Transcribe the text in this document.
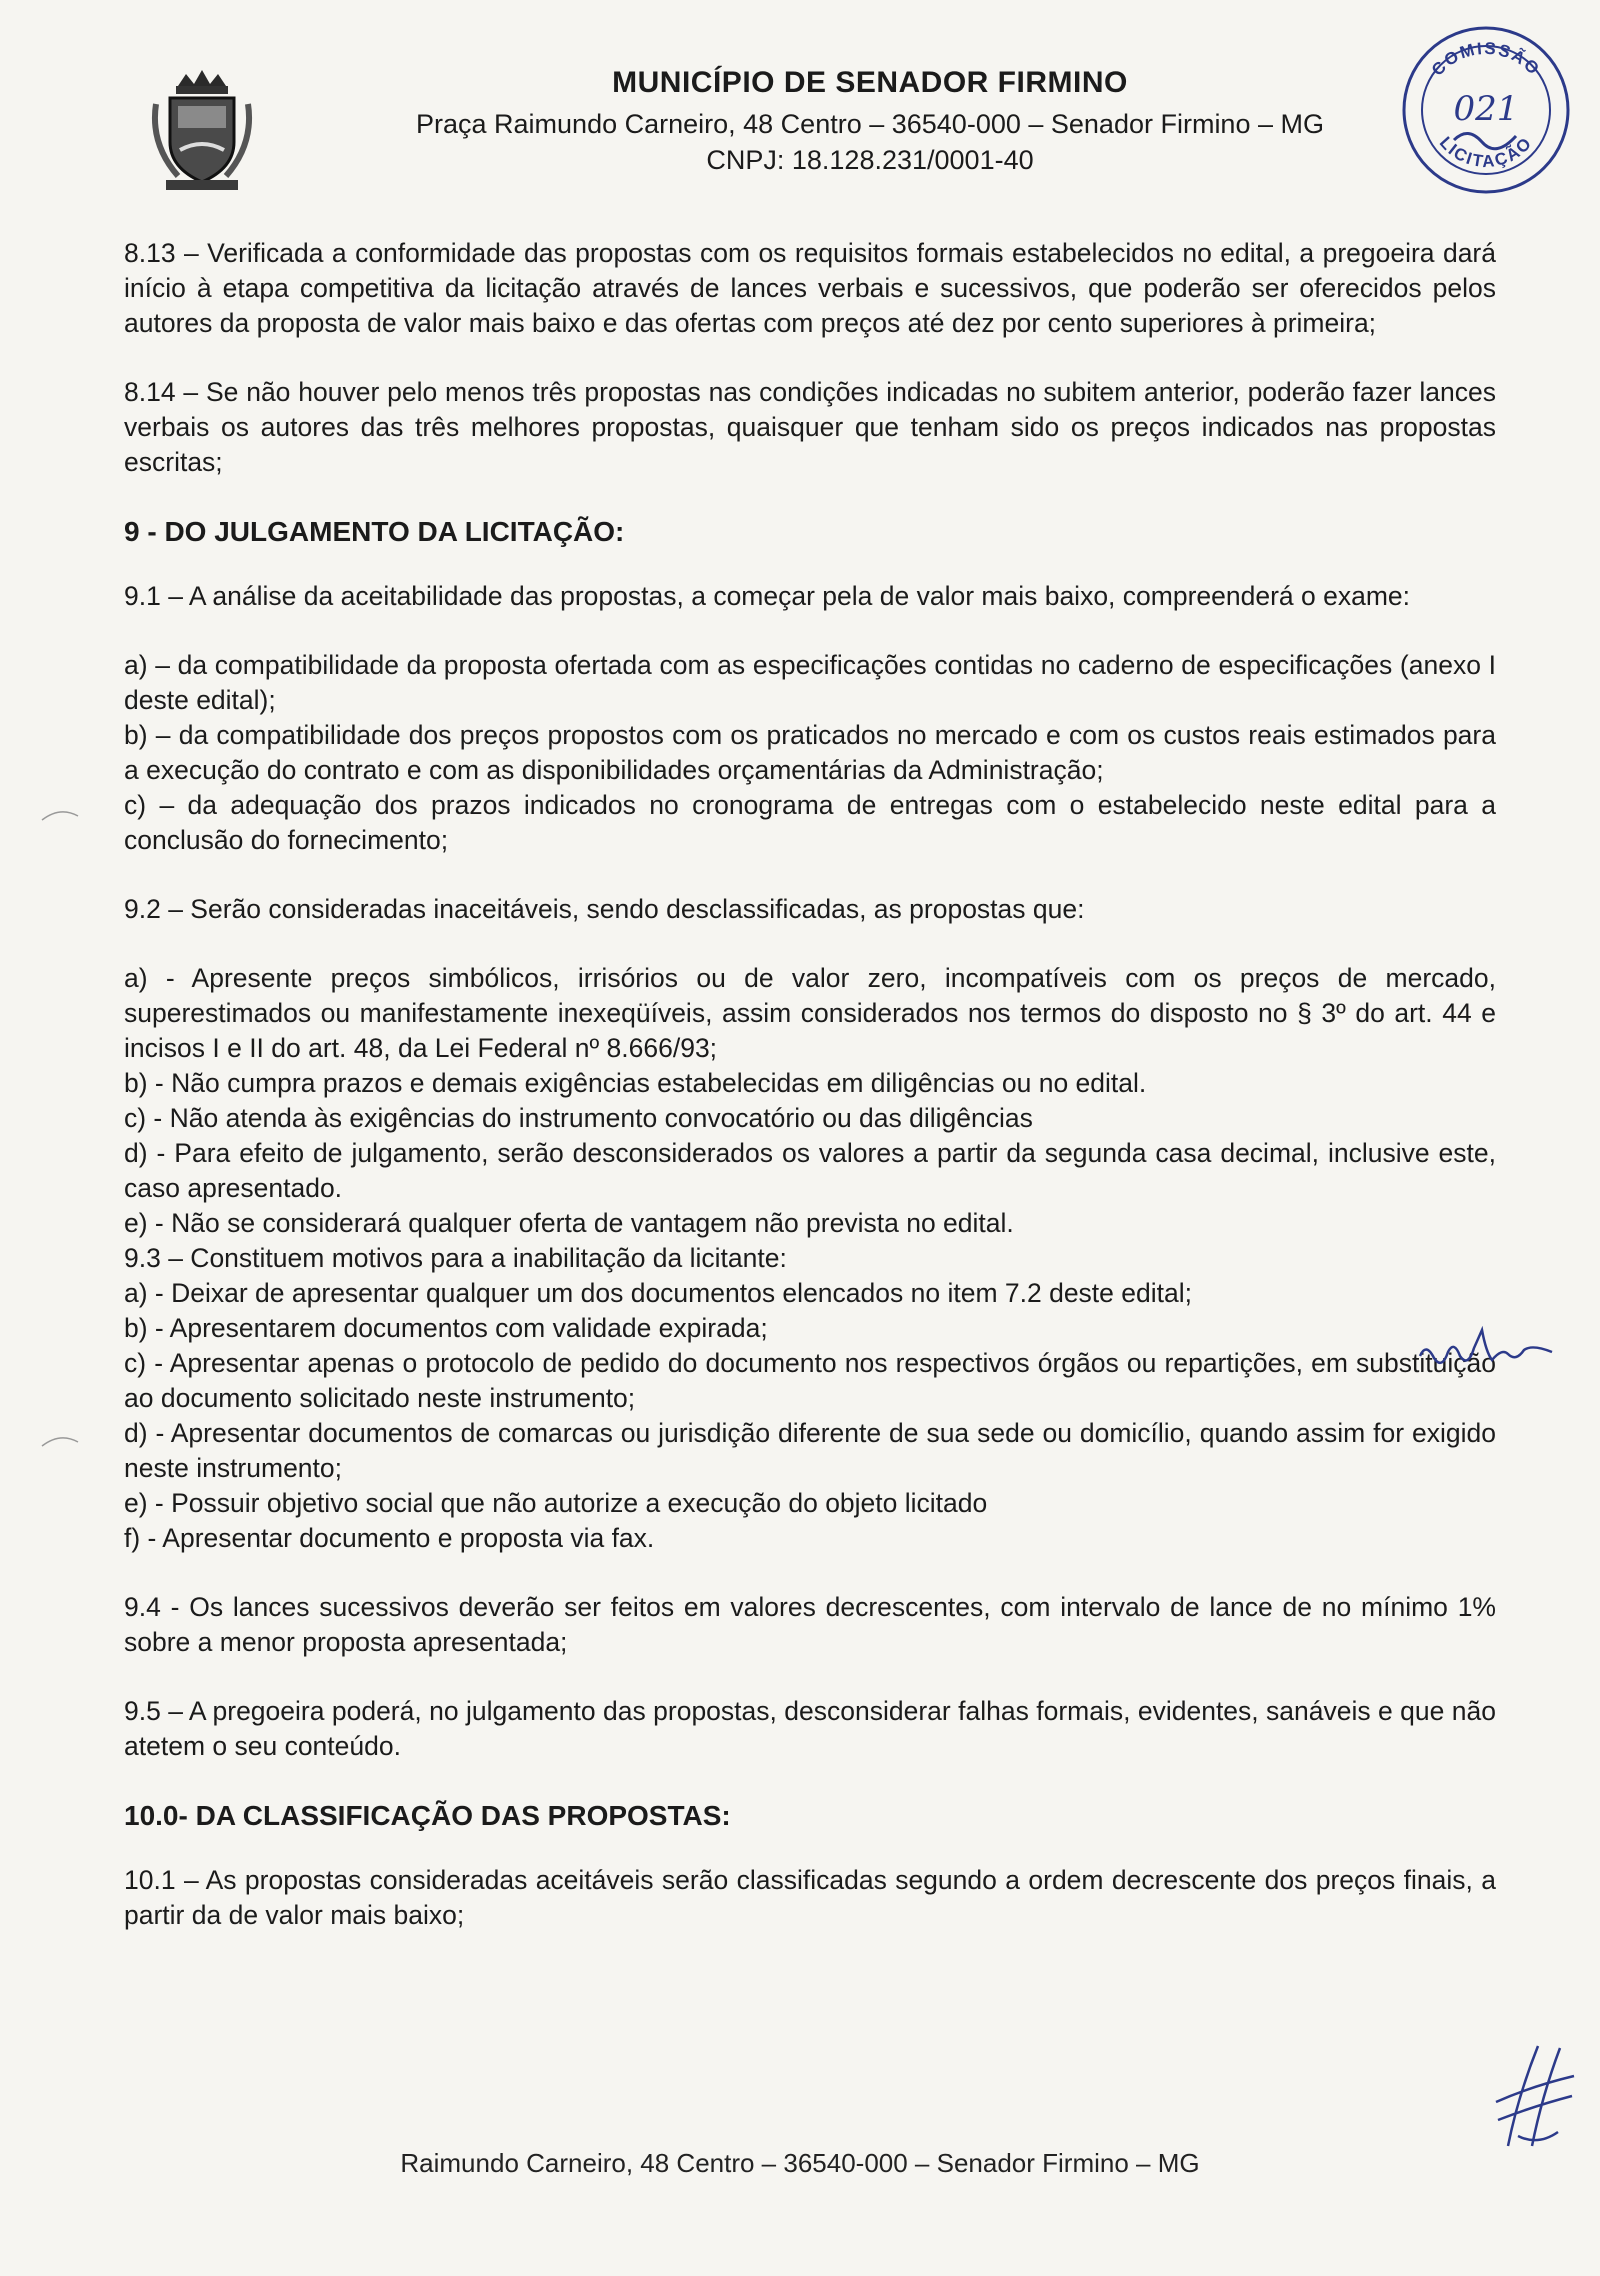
MUNICÍPIO DE SENADOR FIRMINO
Praça Raimundo Carneiro, 48 Centro – 36540-000 – Senador Firmino – MG
CNPJ: 18.128.231/0001-40
COMISSÃO
021
LICITAÇÃO

8.13 – Verificada a conformidade das propostas com os requisitos formais estabelecidos no edital, a pregoeira dará início à etapa competitiva da licitação através de lances verbais e sucessivos, que poderão ser oferecidos pelos autores da proposta de valor mais baixo e das ofertas com preços até dez por cento superiores à primeira;

8.14 – Se não houver pelo menos três propostas nas condições indicadas no subitem anterior, poderão fazer lances verbais os autores das três melhores propostas, quaisquer que tenham sido os preços indicados nas propostas escritas;

9 - DO JULGAMENTO DA LICITAÇÃO:

9.1 – A análise da aceitabilidade das propostas, a começar pela de valor mais baixo, compreenderá o exame:

a) – da compatibilidade da proposta ofertada com as especificações contidas no caderno de especificações (anexo I deste edital);

b) – da compatibilidade dos preços propostos com os praticados no mercado e com os custos reais estimados para a execução do contrato e com as disponibilidades orçamentárias da Administração;

c) – da adequação dos prazos indicados no cronograma de entregas com o estabelecido neste edital para a conclusão do fornecimento;

9.2 – Serão consideradas inaceitáveis, sendo desclassificadas, as propostas que:

a) - Apresente preços simbólicos, irrisórios ou de valor zero, incompatíveis com os preços de mercado, superestimados ou manifestamente inexeqüíveis, assim considerados nos termos do disposto no § 3º do art. 44 e incisos I e II do art. 48, da Lei Federal nº 8.666/93;

b) - Não cumpra prazos e demais exigências estabelecidas em diligências ou no edital.

c) - Não atenda às exigências do instrumento convocatório ou das diligências

d) - Para efeito de julgamento, serão desconsiderados os valores a partir da segunda casa decimal, inclusive este, caso apresentado.

e) - Não se considerará qualquer oferta de vantagem não prevista no edital.

9.3 – Constituem motivos para a inabilitação da licitante:

a) - Deixar de apresentar qualquer um dos documentos elencados no item 7.2 deste edital;

b) - Apresentarem documentos com validade expirada;

c) - Apresentar apenas o protocolo de pedido do documento nos respectivos órgãos ou repartições, em substituição ao documento solicitado neste instrumento;

d) - Apresentar documentos de comarcas ou jurisdição diferente de sua sede ou domicílio, quando assim for exigido neste instrumento;

e) - Possuir objetivo social que não autorize a execução do objeto licitado

f) - Apresentar documento e proposta via fax.

9.4 - Os lances sucessivos deverão ser feitos em valores decrescentes, com intervalo de lance de no mínimo 1% sobre a menor proposta apresentada;

9.5 – A pregoeira poderá, no julgamento das propostas, desconsiderar falhas formais, evidentes, sanáveis e que não atetem o seu conteúdo.

10.0- DA CLASSIFICAÇÃO DAS PROPOSTAS:

10.1 – As propostas consideradas aceitáveis serão classificadas segundo a ordem decrescente dos preços finais, a partir da de valor mais baixo;

Raimundo Carneiro, 48 Centro – 36540-000 – Senador Firmino – MG
